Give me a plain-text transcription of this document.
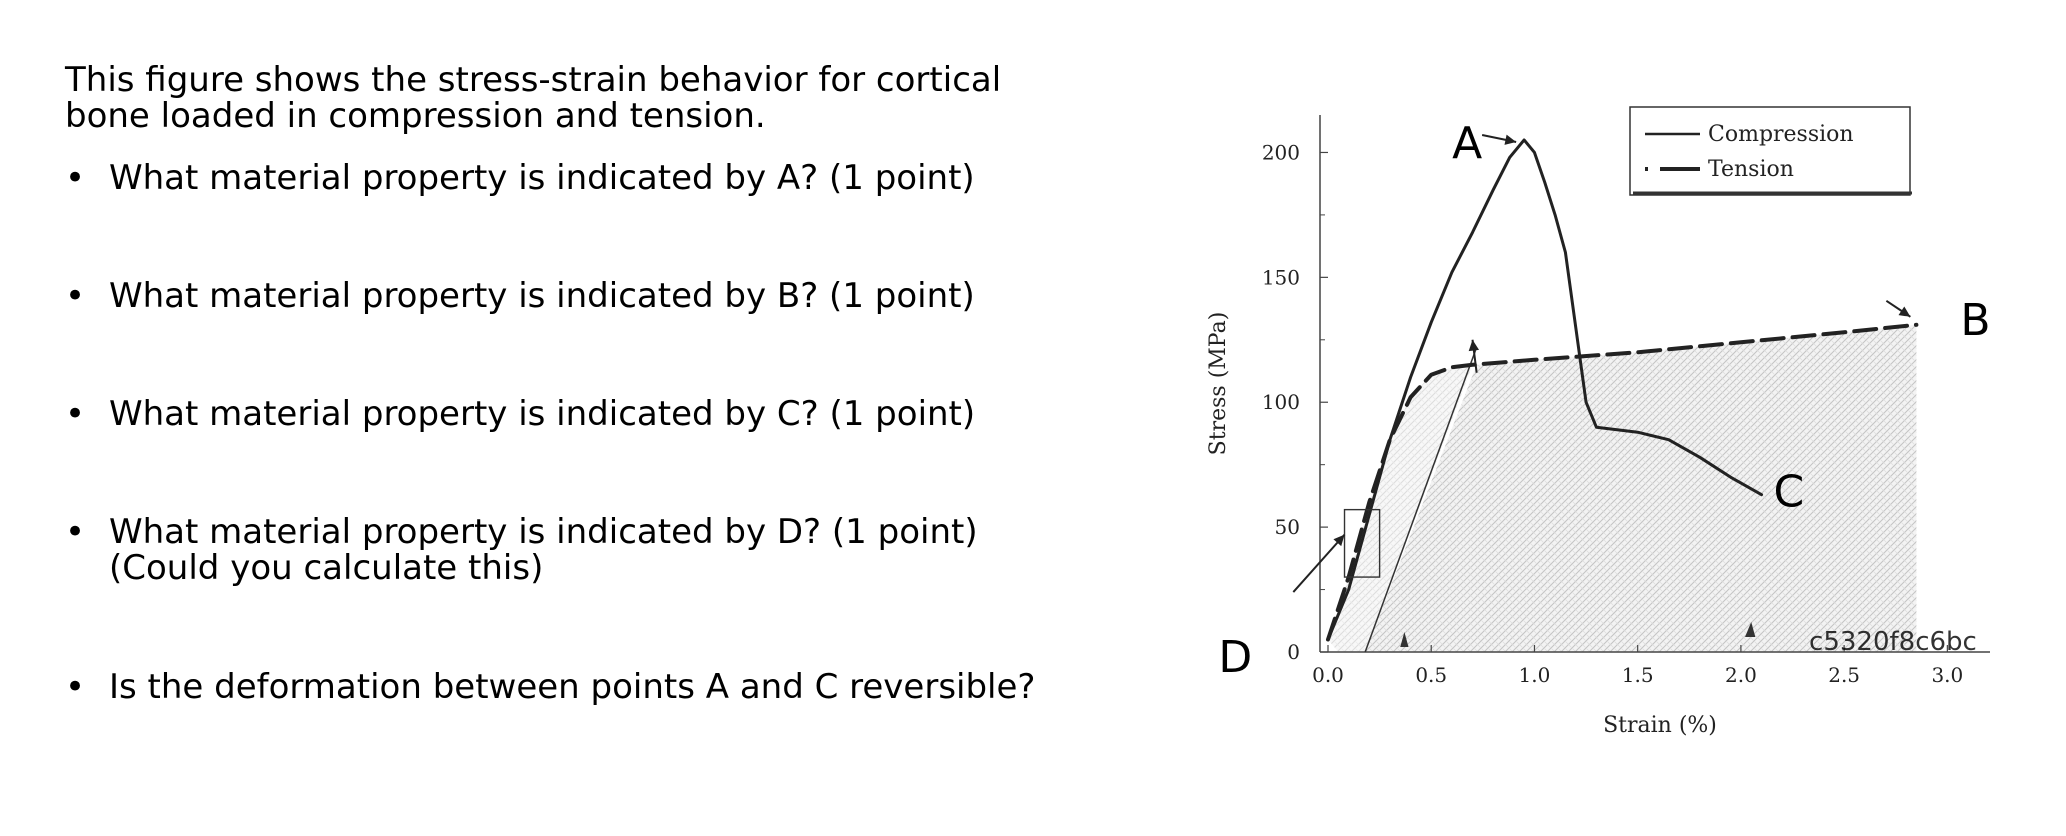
This figure shows the stress-strain behavior for cortical bone loaded in compression and tension.

• What material property is indicated by A? (1 point)
• What material property is indicated by B? (1 point)
• What material property is indicated by C? (1 point)
• What material property is indicated by D? (1 point)
(Could you calculate this)
• Is the deformation between points A and C reversible?
0
50
100
150
200
0.0	0.5	1.0	1.5	2.0	2.5	3.0
Strain (%)
Stress (MPa)
Compression
Tension
A
B
C
D	c5320f8c6bc
